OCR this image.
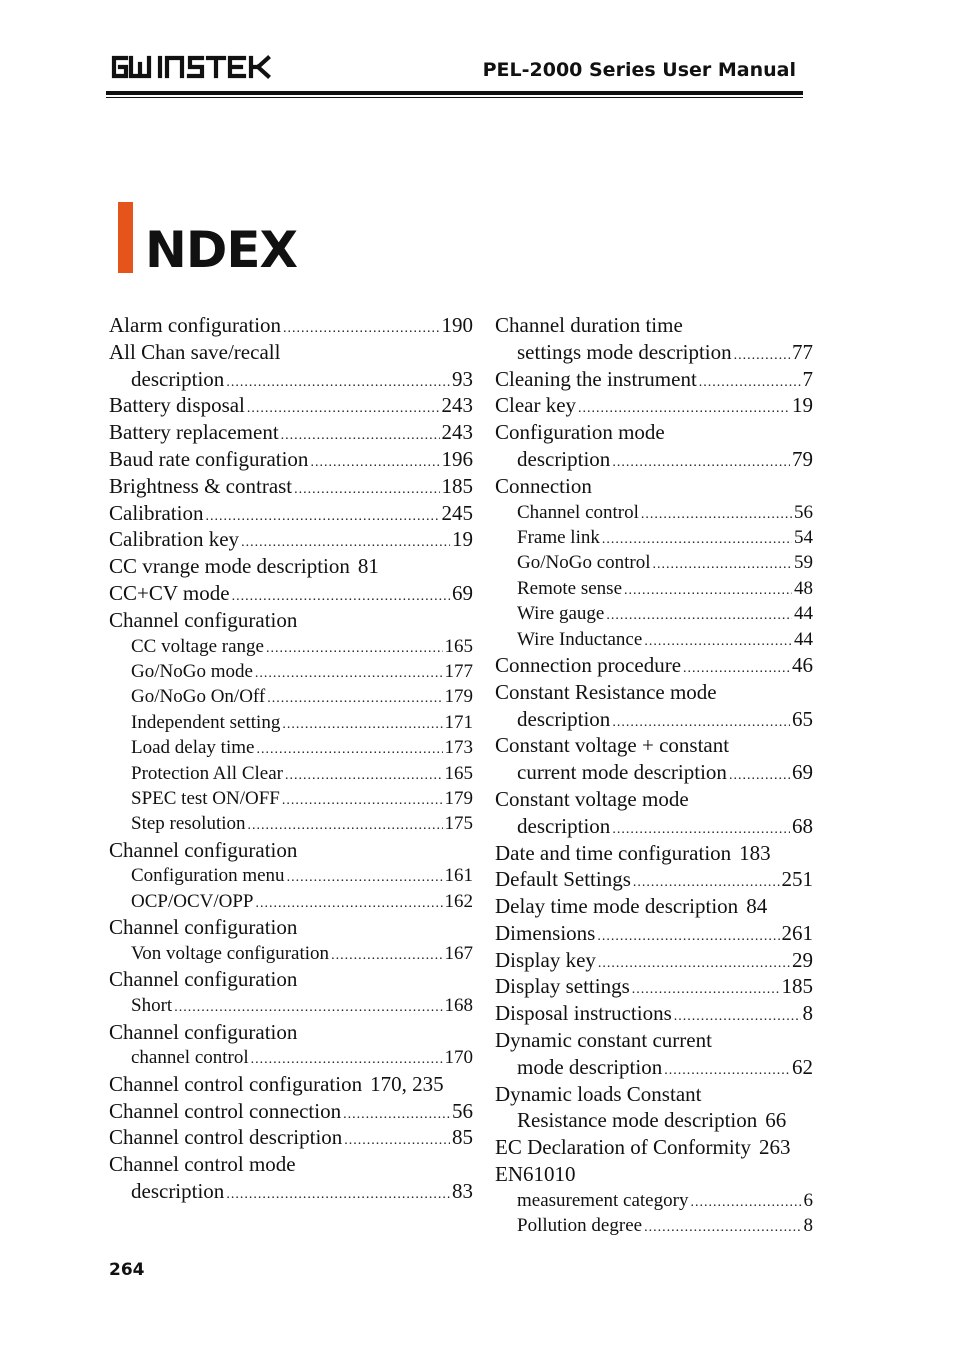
PEL-2000 Series User Manual
NDEX
Alarm configuration .....	190
All Chan save/recall
description .....	93
Battery disposal .....	243
Battery replacement .....	243
Baud rate configuration .....	196
Brightness & contrast .....	185
Calibration .....	245
Calibration key .....	19
CC vrange mode description 81
CC+CV mode .....	69
Channel configuration
CC voltage range .....	165
Go/NoGo mode .....	177
Go/NoGo On/Off .....	179
Independent setting .....	171
Load delay time .....	173
Protection All Clear .....	165
SPEC test ON/OFF .....	179
Step resolution .....	175
Channel configuration
Configuration menu .....	161
OCP/OCV/OPP .....	162
Channel configuration
Von voltage configuration .....	167
Channel configuration
Short .....	168
Channel configuration
channel control .....	170
Channel control configuration 170, 235
Channel control connection .....	56
Channel control description .....	85
Channel control mode
description .....	83
Channel duration time
settings mode description .....	77
Cleaning the instrument .....	7
Clear key .....	19
Configuration mode
description .....	79
Connection
Channel control .....	56
Frame link .....	54
Go/NoGo control .....	59
Remote sense .....	48
Wire gauge .....	44
Wire Inductance .....	44
Connection procedure .....	46
Constant Resistance mode
description .....	65
Constant voltage + constant
current mode description .....	69
Constant voltage mode
description .....	68
Date and time configuration 183
Default Settings .....	251
Delay time mode description 84
Dimensions .....	261
Display key .....	29
Display settings .....	185
Disposal instructions .....	8
Dynamic constant current
mode description .....	62
Dynamic loads Constant
Resistance mode description 66
EC Declaration of Conformity 263
EN61010
measurement category .....	6
Pollution degree .....	8
264
